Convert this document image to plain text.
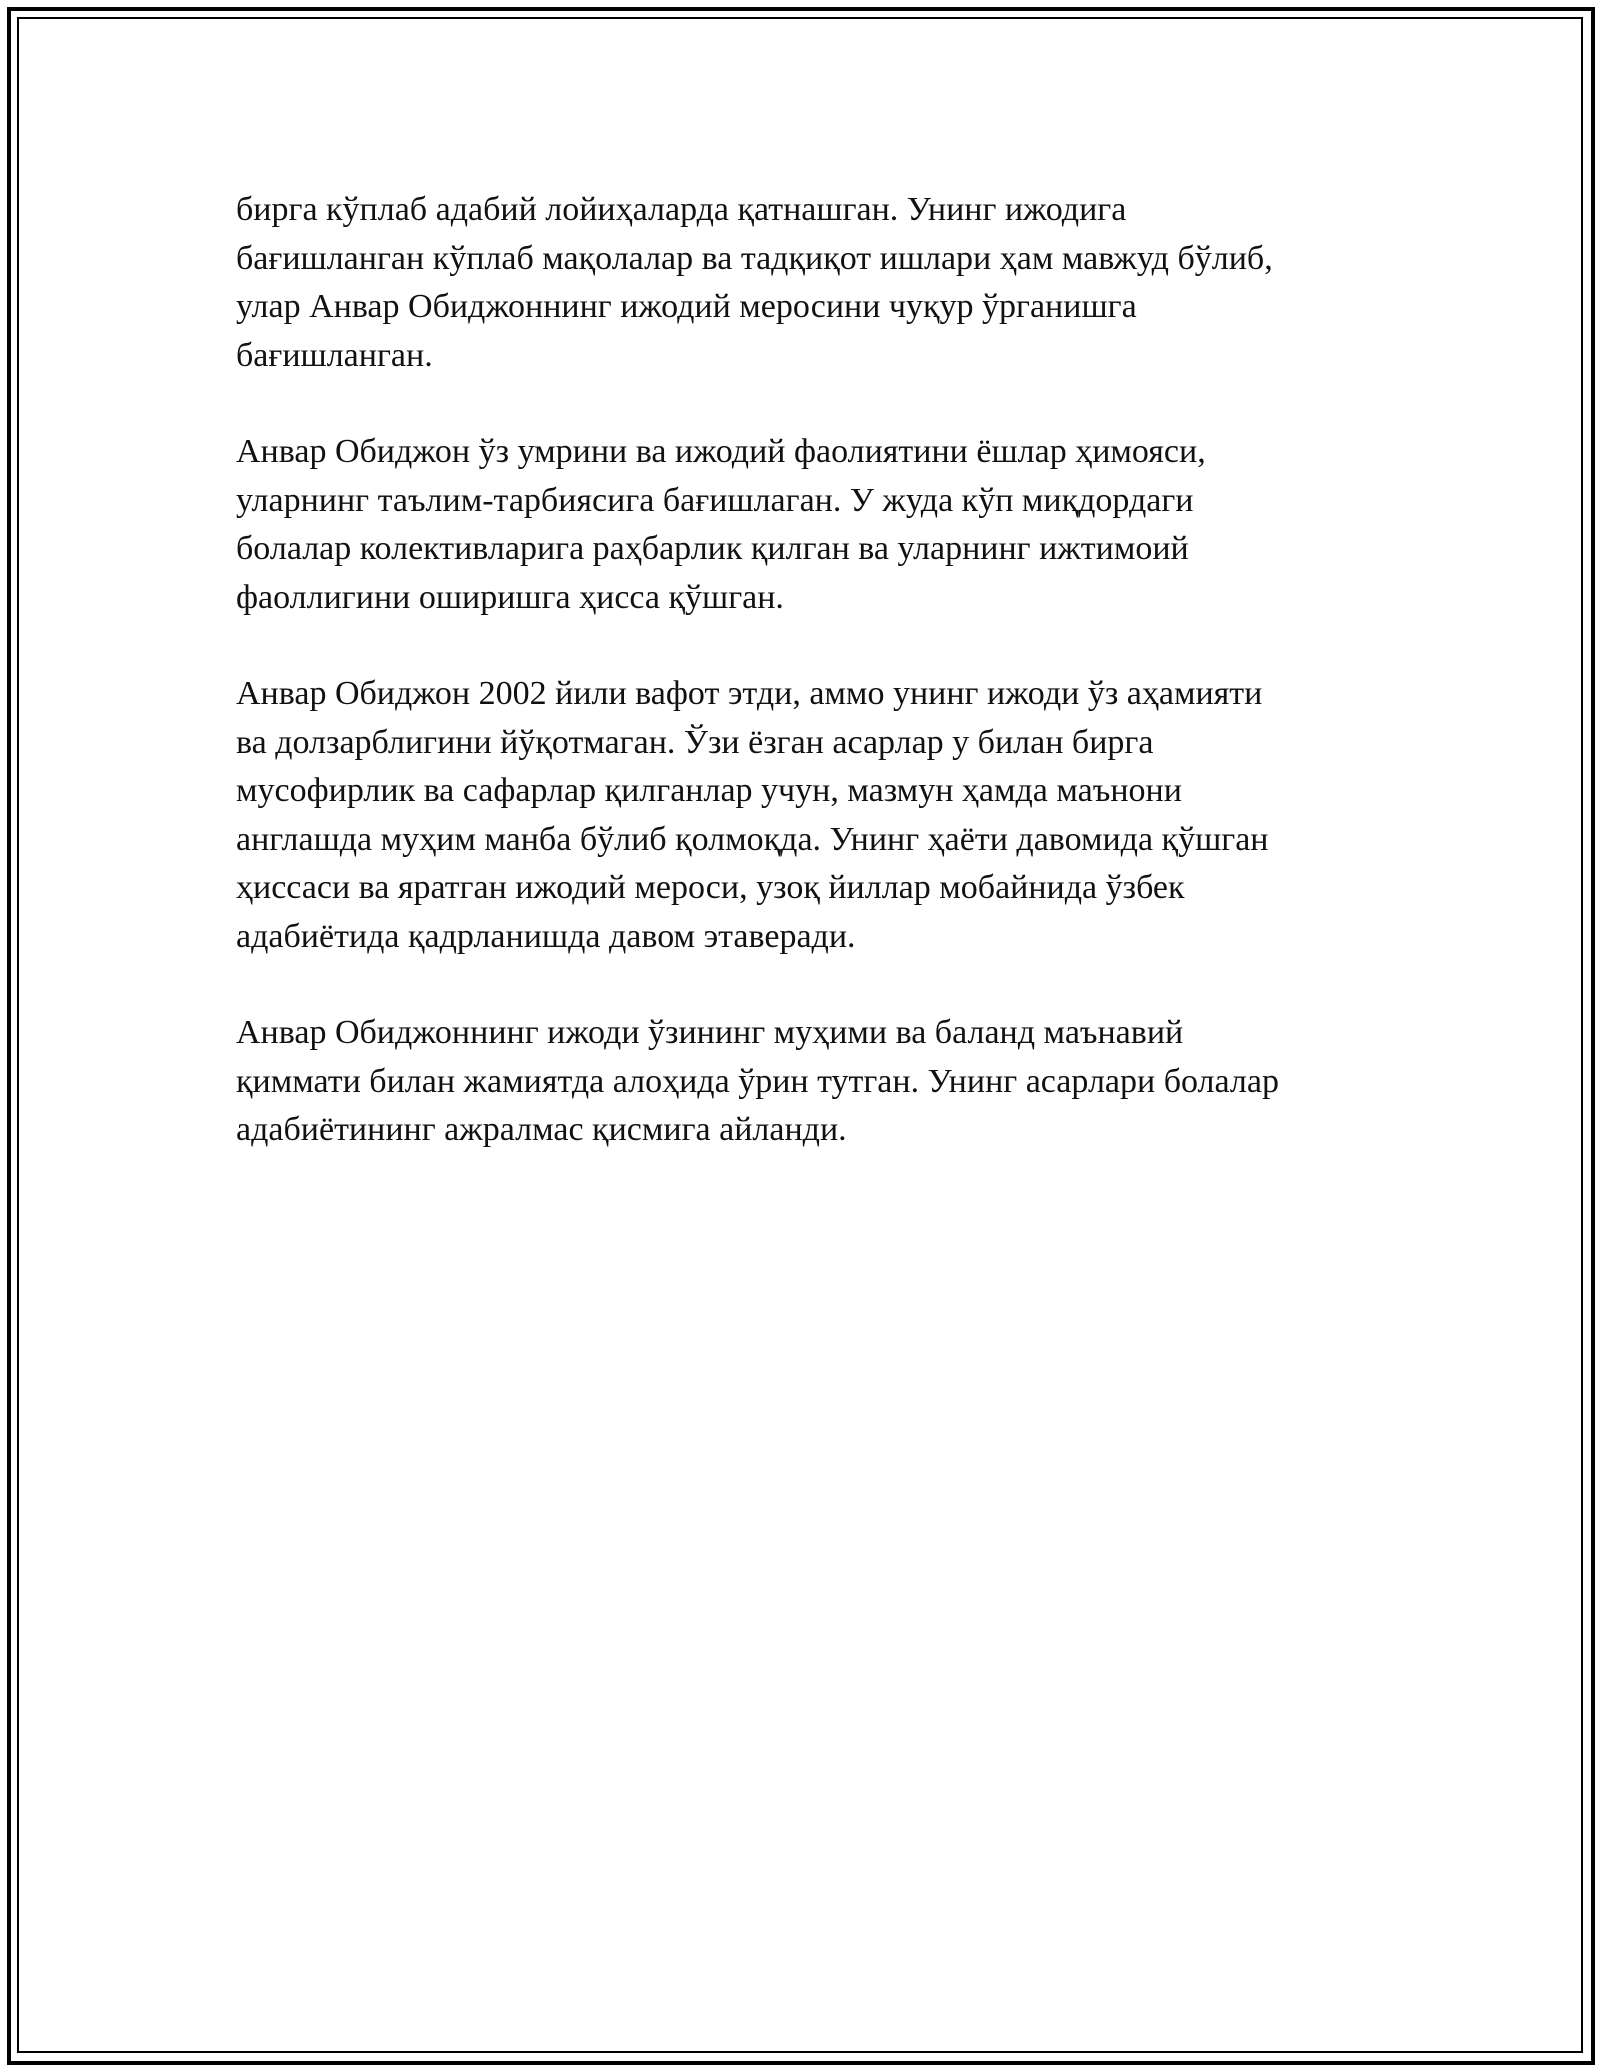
бирга кўплаб адабий лойиҳаларда қатнашган. Унинг ижодига
бағишланган кўплаб мақолалар ва тадқиқот ишлари ҳам мавжуд бўлиб,
улар Анвар Обиджоннинг ижодий меросини чуқур ўрганишга
бағишланган.

Анвар Обиджон ўз умрини ва ижодий фаолиятини ёшлар ҳимояси,
уларнинг таълим-тарбиясига бағишлаган. У жуда кўп миқдордаги
болалар колективларига раҳбарлик қилган ва уларнинг ижтимоий
фаоллигини оширишга ҳисса қўшган.

Анвар Обиджон 2002 йили вафот этди, аммо унинг ижоди ўз аҳамияти
ва долзарблигини йўқотмаган. Ўзи ёзган асарлар у билан бирга
мусофирлик ва сафарлар қилганлар учун, мазмун ҳамда маънони
англашда муҳим манба бўлиб қолмоқда. Унинг ҳаёти давомида қўшган
ҳиссаси ва яратган ижодий мероси, узоқ йиллар мобайнида ўзбек
адабиётида қадрланишда давом этаверади.

Анвар Обиджоннинг ижоди ўзининг муҳими ва баланд маънавий
қиммати билан жамиятда алоҳида ўрин тутган. Унинг асарлари болалар
адабиётининг ажралмас қисмига айланди.
